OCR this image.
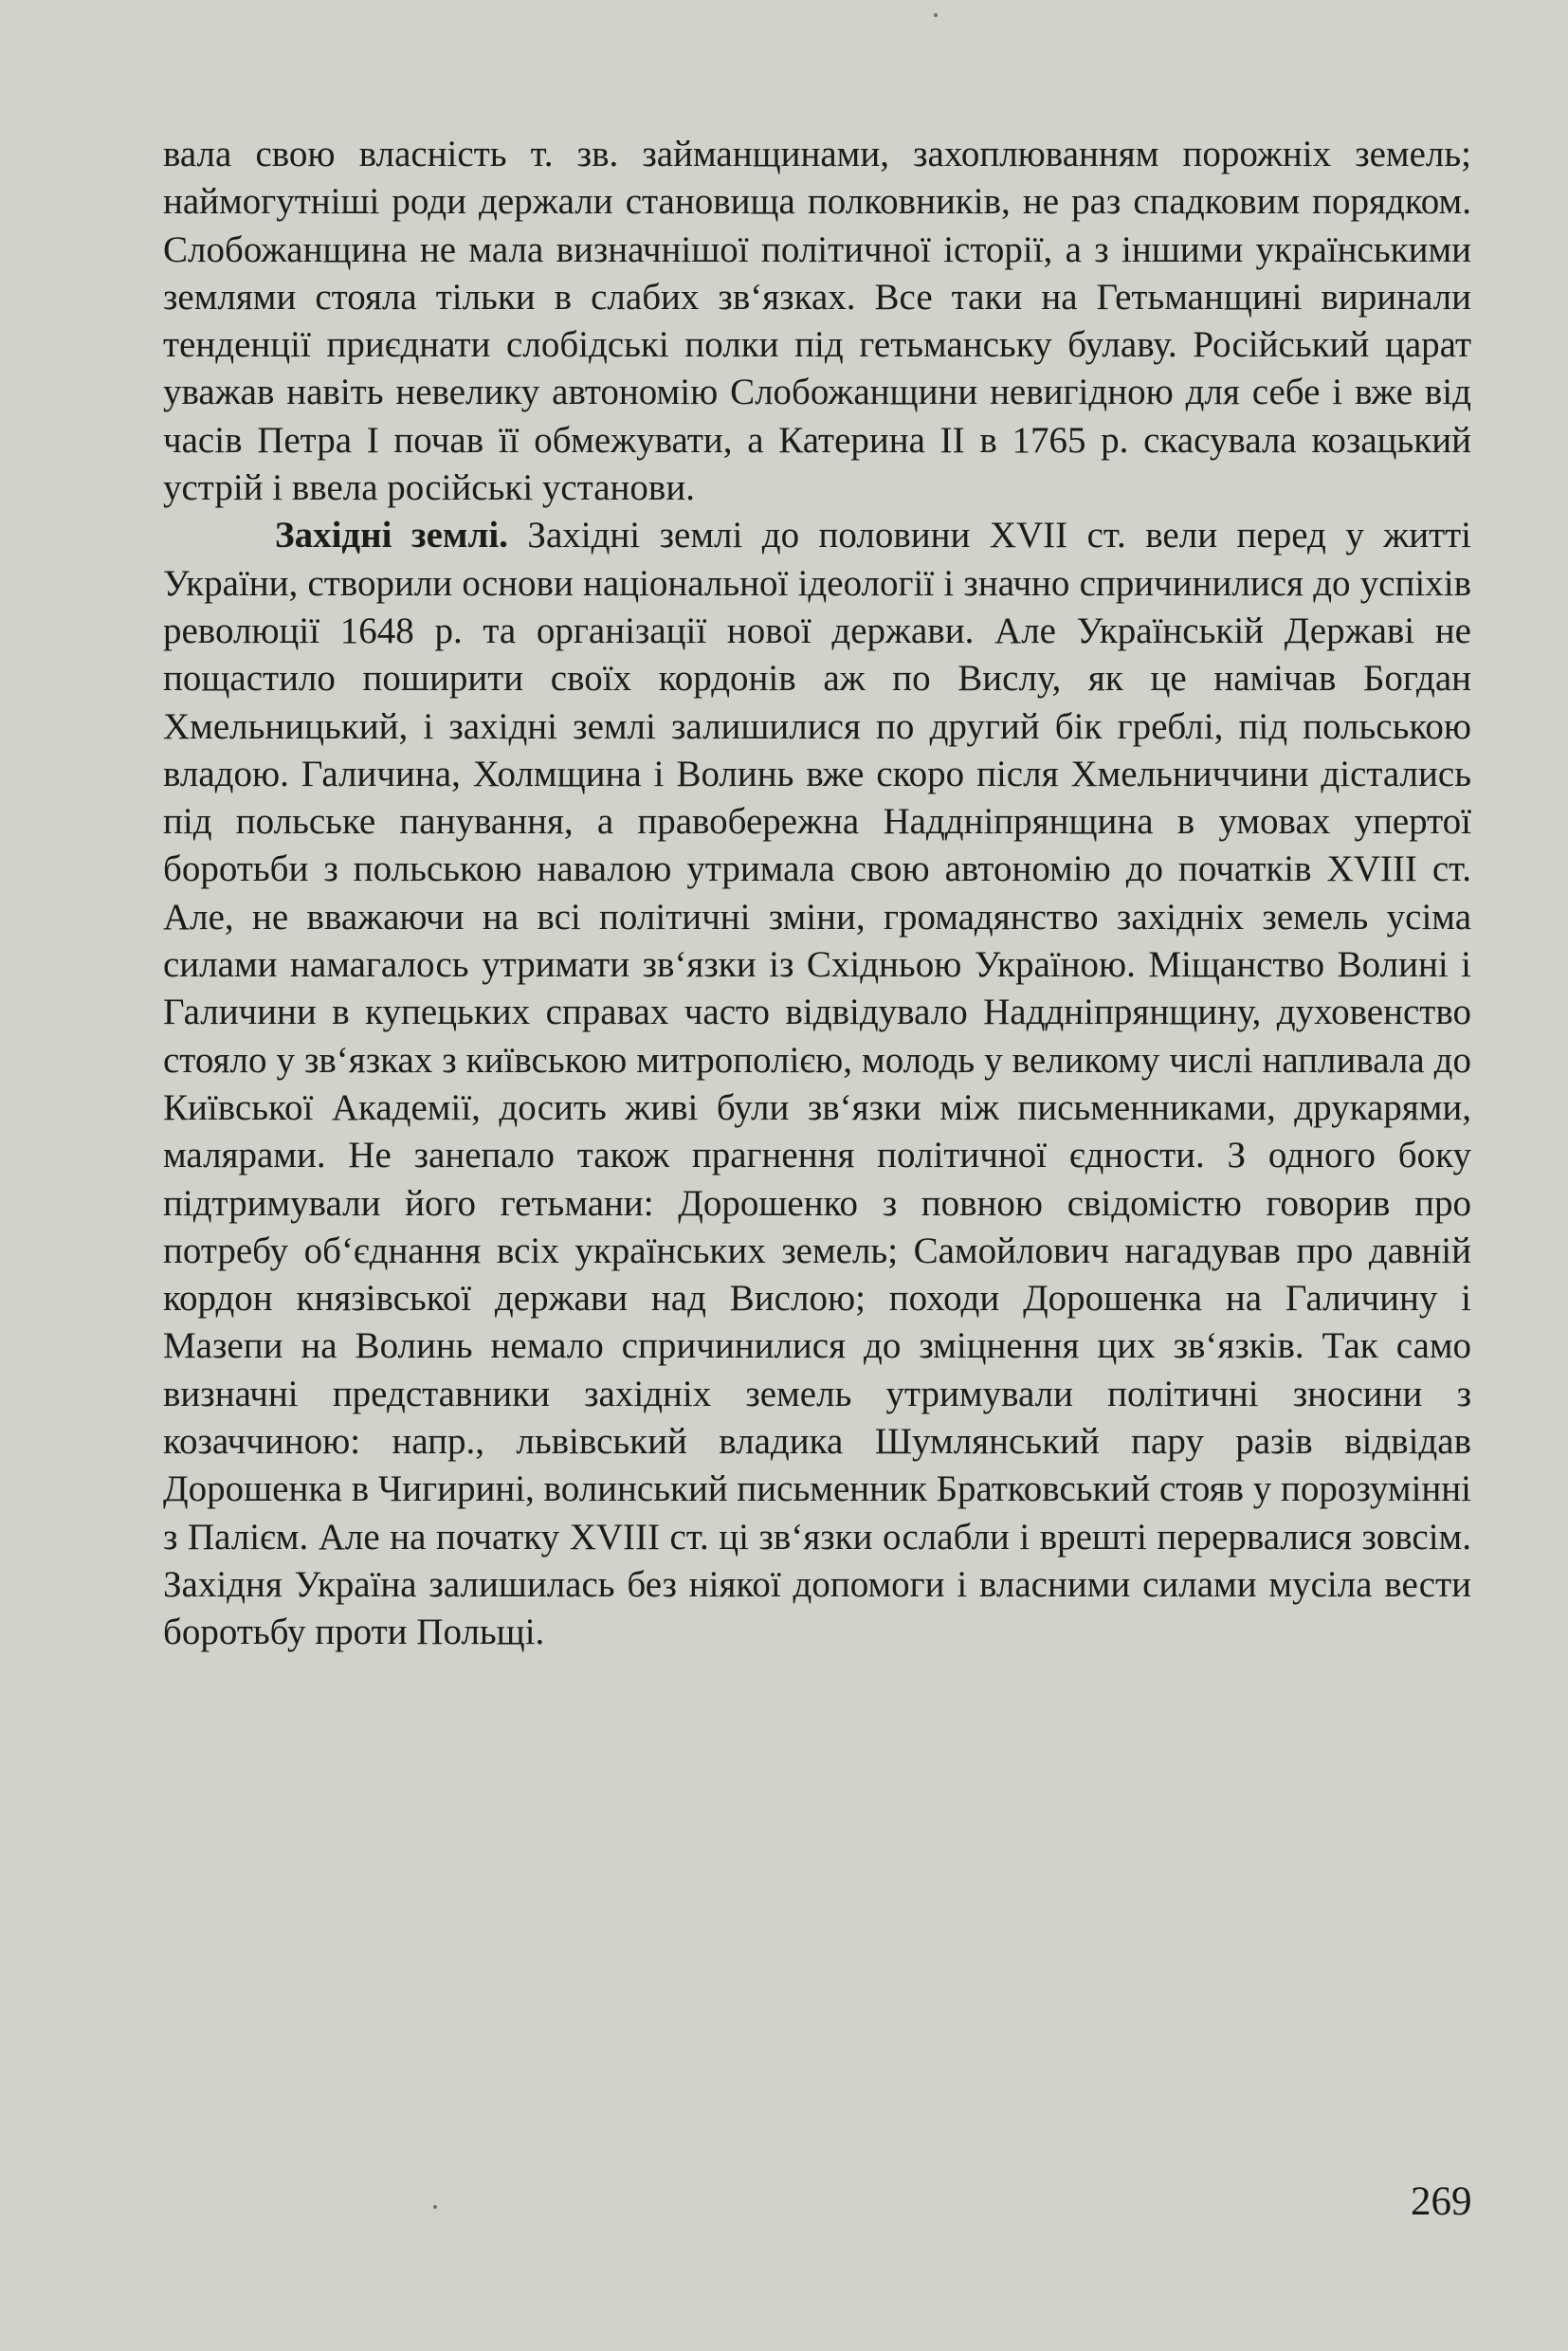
вала свою власність т. зв. займанщинами, захоплюванням порожніх земель; наймогутніші роди держали становища полковників, не раз спадковим порядком. Слобожанщина не мала визначнішої політичної історії, а з іншими українськими землями стояла тільки в слабих зв‘язках. Все таки на Гетьманщині виринали тенденції приєднати слобідські полки під гетьманську булаву. Російський царат уважав навіть невелику автономію Слобожанщини невигідною для себе і вже від часів Петра I почав її обмежувати, а Катерина II в 1765 р. скасувала козацький устрій і ввела російські установи.

Західні землі. Західні землі до половини XVII ст. вели перед у житті України, створили основи національної ідеології і значно спричинилися до успіхів революції 1648 р. та організації нової держави. Але Українській Державі не пощастило поширити своїх кордонів аж по Вислу, як це намічав Богдан Хмельницький, і західні землі залишилися по другий бік греблі, під польською владою. Галичина, Холмщина і Волинь вже скоро після Хмельниччини дістались під польське панування, а правобережна Наддніпрянщина в умовах упертої боротьби з польською навалою утримала свою автономію до початків XVIII ст. Але, не вважаючи на всі політичні зміни, громадянство західніх земель усіма силами намагалось утримати зв‘язки із Східньою Україною. Міщанство Волині і Галичини в купецьких справах часто відвідувало Наддніпрянщину, духовенство стояло у зв‘язках з київською митрополією, молодь у великому числі напливала до Київської Академії, досить живі були зв‘язки між письменниками, друкарями, малярами. Не занепало також прагнення політичної єдности. З одного боку підтримували його гетьмани: Дорошенко з повною свідомістю говорив про потребу об‘єднання всіх українських земель; Самойлович нагадував про давній кордон князівської держави над Вислою; походи Дорошенка на Галичину і Мазепи на Волинь немало спричинилися до зміцнення цих зв‘язків. Так само визначні представники західніх земель утримували політичні зносини з козаччиною: напр., львівський владика Шумлянський пару разів відвідав Дорошенка в Чигирині, волинський письменник Братковський стояв у порозумінні з Палієм. Але на початку XVIII ст. ці зв‘язки ослабли і врешті перервалися зовсім. Західня Україна залишилась без ніякої допомоги і власними силами мусіла вести боротьбу проти Польщі.

269
